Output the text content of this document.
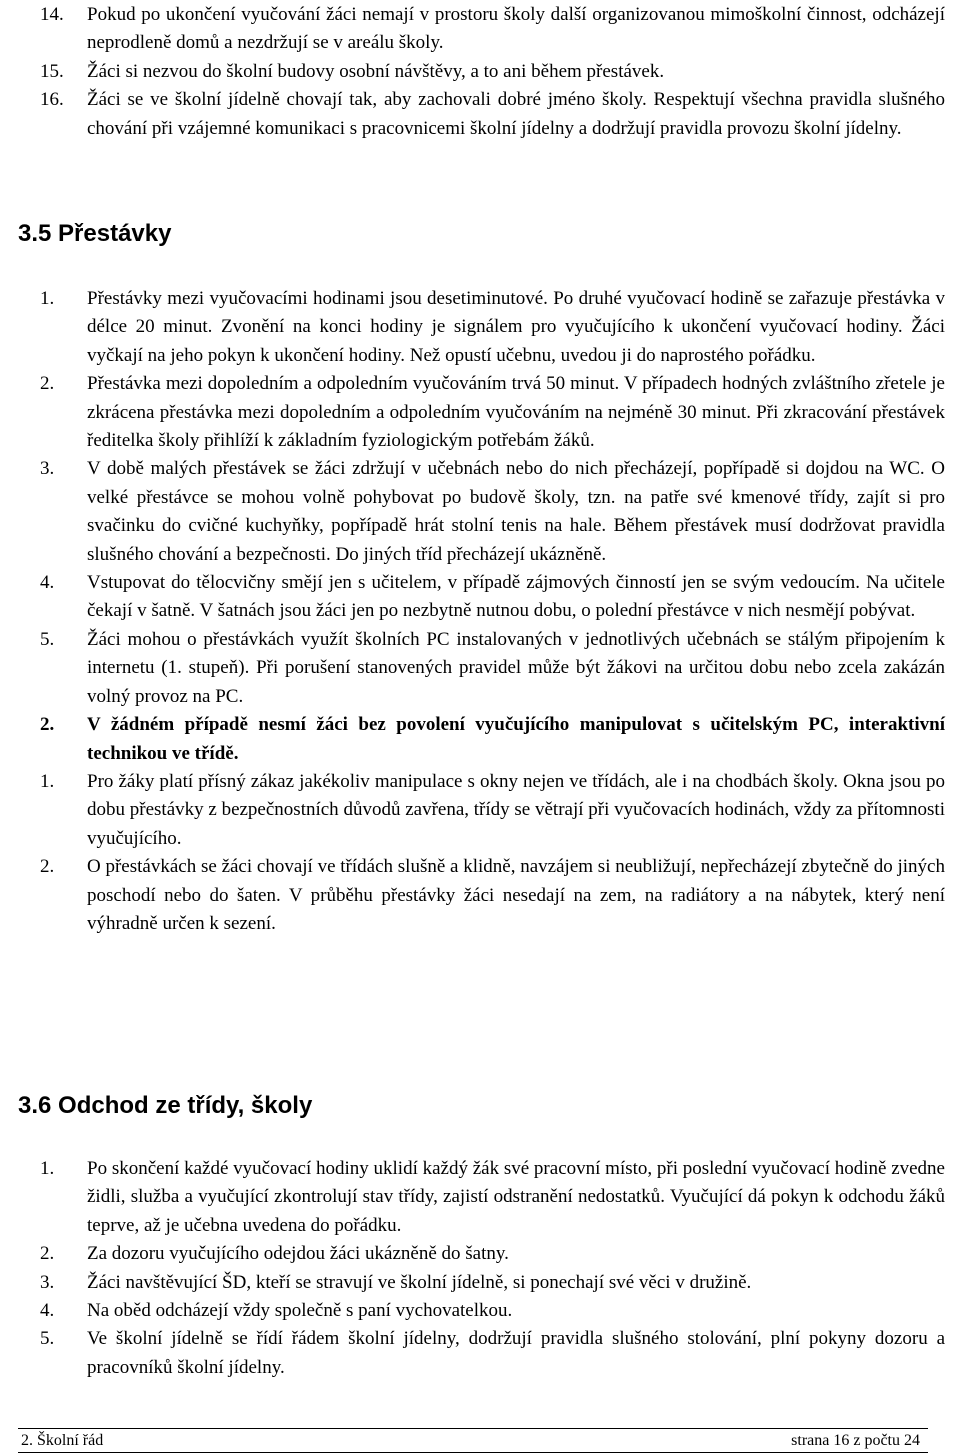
14.	Pokud po ukončení vyučování žáci nemají v prostoru školy další organizovanou mimoškolní činnost, odcházejí neprodleně domů a nezdržují se v areálu školy.
15.	Žáci si nezvou do školní budovy osobní návštěvy, a to ani během přestávek.
16.	Žáci se ve školní jídelně chovají tak, aby zachovali dobré jméno školy. Respektují všechna pravidla slušného chování při vzájemné komunikaci s pracovnicemi školní jídelny a dodržují pravidla provozu školní jídelny.
3.5 Přestávky
1.	Přestávky mezi vyučovacími hodinami jsou desetiminutové. Po druhé vyučovací hodině se zařazuje přestávka v délce 20 minut. Zvonění na konci hodiny je signálem pro vyučujícího k ukončení vyučovací hodiny. Žáci vyčkají na jeho pokyn k ukončení hodiny. Než opustí učebnu, uvedou ji do naprostého pořádku.
2.	Přestávka mezi dopoledním a odpoledním vyučováním trvá 50 minut. V případech hodných zvláštního zřetele je zkrácena přestávka mezi dopoledním a odpoledním vyučováním na nejméně 30 minut. Při zkracování přestávek ředitelka školy přihlíží k základním fyziologickým potřebám žáků.
3.	V době malých přestávek se žáci zdržují v učebnách nebo do nich přecházejí, popřípadě si dojdou na WC. O velké přestávce se mohou volně pohybovat po budově školy, tzn. na patře své kmenové třídy, zajít si pro svačinku do cvičné kuchyňky, popřípadě hrát stolní tenis na hale. Během přestávek musí dodržovat pravidla slušného chování a bezpečnosti. Do jiných tříd přecházejí ukázněně.
4.	Vstupovat do tělocvičny smějí jen s učitelem, v případě zájmových činností jen se svým vedoucím. Na učitele čekají v šatně. V šatnách jsou žáci jen po nezbytně nutnou dobu, o polední přestávce v nich nesmějí pobývat.
5.	Žáci mohou o přestávkách využít školních PC instalovaných v jednotlivých učebnách se stálým připojením k internetu (1. stupeň). Při porušení stanovených pravidel může být žákovi na určitou dobu nebo zcela zakázán volný provoz na PC.
2.	V žádném případě nesmí žáci bez povolení vyučujícího manipulovat s učitelským PC, interaktivní technikou ve třídě.
1.	Pro žáky platí přísný zákaz jakékoliv manipulace s okny nejen ve třídách, ale i na chodbách školy. Okna jsou po dobu přestávky z bezpečnostních důvodů zavřena, třídy se větrají při vyučovacích hodinách, vždy za přítomnosti vyučujícího.
2.	O přestávkách se žáci chovají ve třídách slušně a klidně, navzájem si neubližují, nepřecházejí zbytečně do jiných poschodí nebo do šaten. V průběhu přestávky žáci nesedají na zem, na radiátory a na nábytek, který není výhradně určen k sezení.
3.6 Odchod ze třídy, školy
1.	Po skončení každé vyučovací hodiny uklidí každý žák své pracovní místo, při poslední vyučovací hodině zvedne židli, služba a vyučující zkontrolují stav třídy, zajistí odstranění nedostatků. Vyučující dá pokyn k odchodu žáků teprve, až je učebna uvedena do pořádku.
2.	Za dozoru vyučujícího odejdou žáci ukázněně do šatny.
3.	Žáci navštěvující ŠD, kteří se stravují ve školní jídelně, si ponechají své věci v družině.
4.	Na oběd odcházejí vždy společně s paní vychovatelkou.
5.	Ve školní jídelně se řídí řádem školní jídelny, dodržují pravidla slušného stolování, plní pokyny dozoru a pracovníků školní jídelny.
2. Školní řád	strana 16 z počtu 24
